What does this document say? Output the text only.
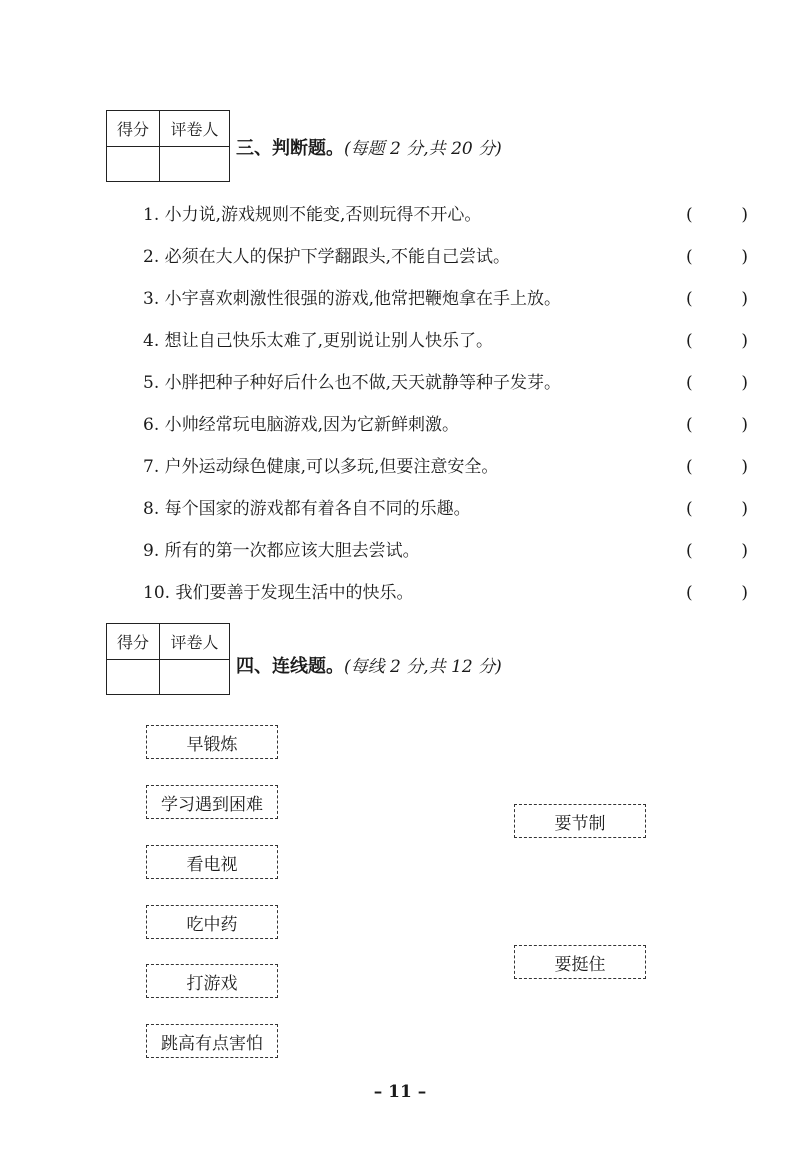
得分	评卷人
三、判断题。(每题 2 分,共 20 分)
1. 小力说,游戏规则不能变,否则玩得不开心。	(	)
2. 必须在大人的保护下学翻跟头,不能自己尝试。	(	)
3. 小宇喜欢刺激性很强的游戏,他常把鞭炮拿在手上放。	(	)
4. 想让自己快乐太难了,更别说让别人快乐了。	(	)
5. 小胖把种子种好后什么也不做,天天就静等种子发芽。	(	)
6. 小帅经常玩电脑游戏,因为它新鲜刺激。	(	)
7. 户外运动绿色健康,可以多玩,但要注意安全。	(	)
8. 每个国家的游戏都有着各自不同的乐趣。	(	)
9. 所有的第一次都应该大胆去尝试。	(	)
10. 我们要善于发现生活中的快乐。	(	)
得分	评卷人
四、连线题。(每线 2 分,共 12 分)
早锻炼
学习遇到困难
看电视
吃中药
打游戏
跳高有点害怕
要节制
要挺住
– 11 –
